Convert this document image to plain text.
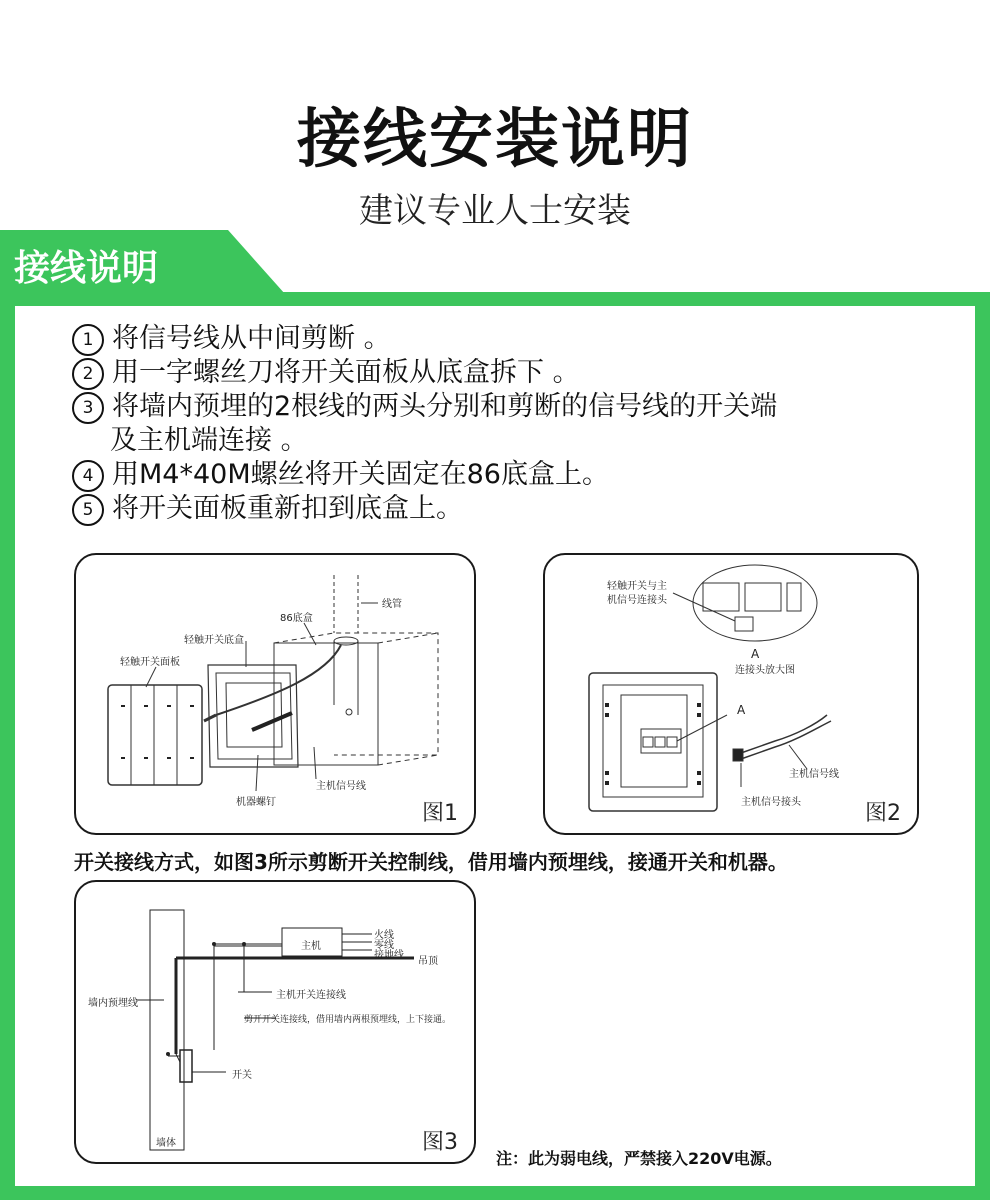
接线安装说明
建议专业人士安装
接线说明
1 将信号线从中间剪断 。
2 用一字螺丝刀将开关面板从底盒拆下 。
3 将墙内预埋的2根线的两头分别和剪断的信号线的开关端
及主机端连接 。
4 用M4*40M螺丝将开关固定在86底盒上。
5 将开关面板重新扣到底盒上。
线管
86底盒
轻触开关底盒
轻触开关面板
主机信号线
机器螺钉	图1
轻触开关与主
机信号连接头
A
连接头放大图
A
主机信号线
主机信号接头	图2
开关接线方式，如图3所示剪断开关控制线，借用墙内预埋线，接通开关和机器。
主机
火线
零线
接地线
吊顶
主机开关连接线
墙内预埋线
剪开开关连接线，借用墙内两根预埋线，上下接通。
开关
墙体	图3
注：此为弱电线，严禁接入220V电源。
